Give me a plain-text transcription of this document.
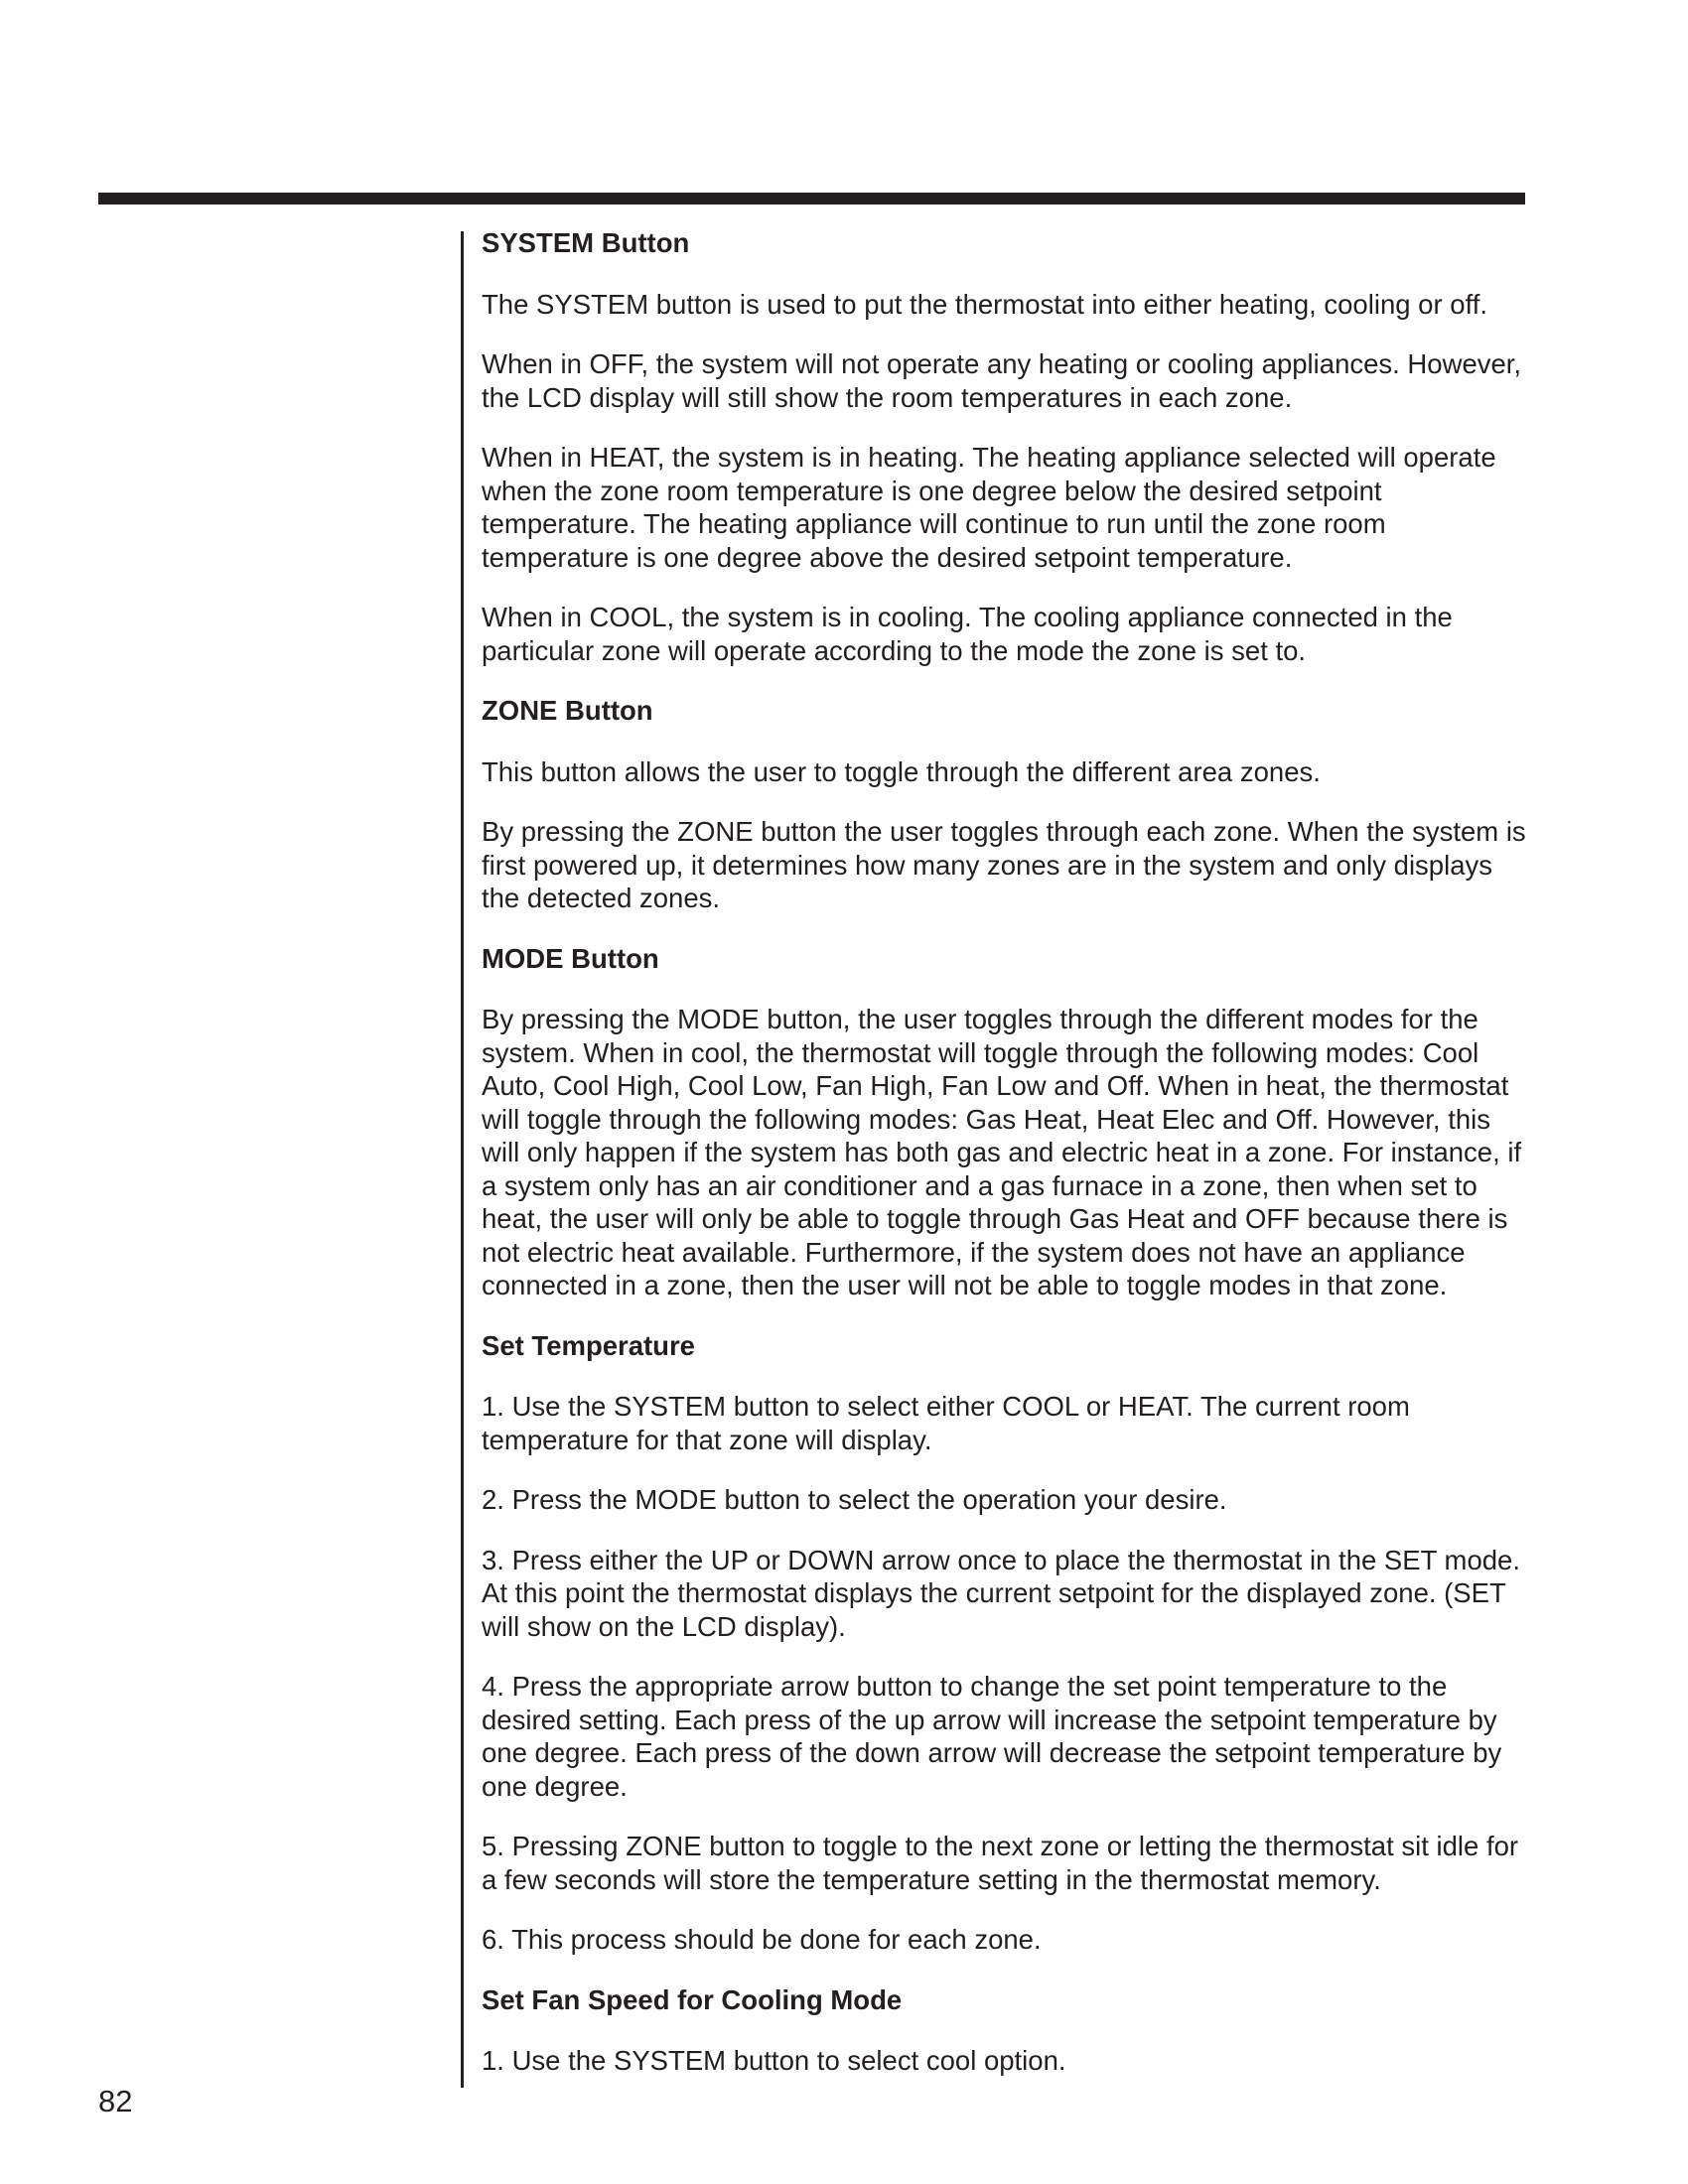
SYSTEM Button

The SYSTEM button is used to put the thermostat into either heating, cooling or off.

When in OFF, the system will not operate any heating or cooling appliances. However, the LCD display will still show the room temperatures in each zone.

When in HEAT, the system is in heating. The heating appliance selected will operate when the zone room temperature is one degree below the desired setpoint temperature. The heating appliance will continue to run until the zone room temperature is one degree above the desired setpoint temperature.

When in COOL, the system is in cooling. The cooling appliance connected in the particular zone will operate according to the mode the zone is set to.

ZONE Button

This button allows the user to toggle through the different area zones.

By pressing the ZONE button the user toggles through each zone. When the system is first powered up, it determines how many zones are in the system and only displays the detected zones.

MODE Button

By pressing the MODE button, the user toggles through the different modes for the system. When in cool, the thermostat will toggle through the following modes: Cool Auto, Cool High, Cool Low, Fan High, Fan Low and Off. When in heat, the thermostat will toggle through the following modes: Gas Heat, Heat Elec and Off. However, this will only happen if the system has both gas and electric heat in a zone. For instance, if a system only has an air conditioner and a gas furnace in a zone, then when set to heat, the user will only be able to toggle through Gas Heat and OFF because there is not electric heat available. Furthermore, if the system does not have an appliance connected in a zone, then the user will not be able to toggle modes in that zone.

Set Temperature

1. Use the SYSTEM button to select either COOL or HEAT. The current room temperature for that zone will display.

2. Press the MODE button to select the operation your desire.

3. Press either the UP or DOWN arrow once to place the thermostat in the SET mode. At this point the thermostat displays the current setpoint for the displayed zone. (SET will show on the LCD display).

4. Press the appropriate arrow button to change the set point temperature to the desired setting. Each press of the up arrow will increase the setpoint temperature by one degree. Each press of the down arrow will decrease the setpoint temperature by one degree.

5. Pressing ZONE button to toggle to the next zone or letting the thermostat sit idle for a few seconds will store the temperature setting in the thermostat memory.

6. This process should be done for each zone.

Set Fan Speed for Cooling Mode

1. Use the SYSTEM button to select cool option.

82
